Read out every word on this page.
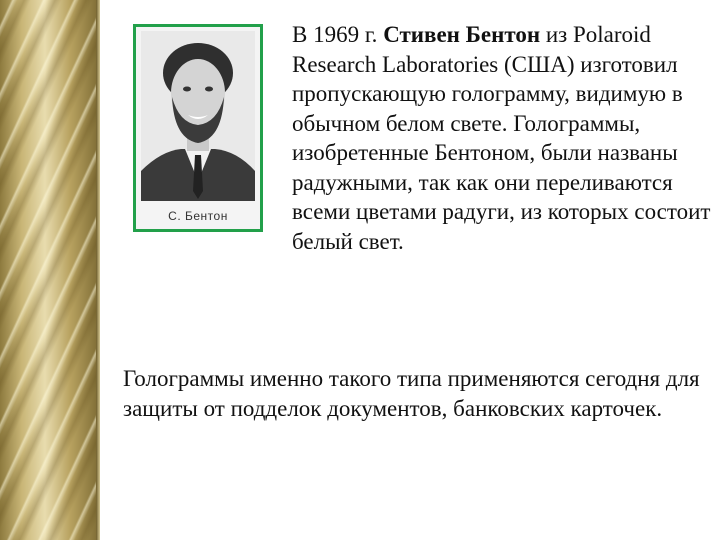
С. Бентон

В 1969 г. Стивен Бентон из Polaroid Research Laboratories (США) изготовил пропускающую голограмму, видимую в обычном белом свете. Голограммы, изобретенные Бентоном, были названы радужными, так как они переливаются всеми цветами радуги, из которых состоит белый свет.

Голограммы именно такого типа применяются сегодня для защиты от подделок документов, банковских карточек.
